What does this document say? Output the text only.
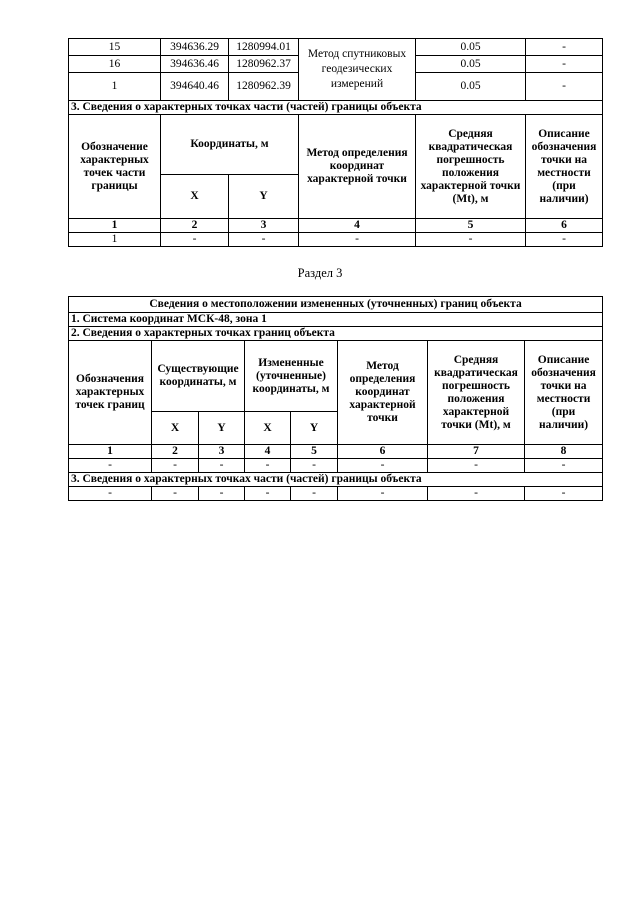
15	394636.29	1280994.01	Метод спутниковых геодезических измерений	0.05	-
16	394636.46	1280962.37		0.05	-
1	394640.46	1280962.39		0.05	-
3. Сведения о характерных точках части (частей) границы объекта					
Обозначение характерных точек части границы	Координаты, м		Метод определения координат характерной точки	Средняя квадратическая погрешность положения характерной точки (Mt), м	Описание обозначения точки на местности (при наличии)
	X	Y			
1	2	3	4	5	6
1	-	-	-	-	-
Раздел 3
Сведения о местоположении измененных (уточненных) границ объекта							
1. Система координат МСК-48, зона 1							
2. Сведения о характерных точках границ объекта							
Обозначения характерных точек границ	Существующие координаты, м		Измененные (уточненные) координаты, м		Метод определения координат характерной точки	Средняя квадратическая погрешность положения характерной точки (Mt), м	Описание обозначения точки на местности (при наличии)
	X	Y	X	Y			
1	2	3	4	5	6	7	8
-	-	-	-	-	-	-	-
3. Сведения о характерных точках части (частей) границы объекта							
-	-	-	-	-	-	-	-
